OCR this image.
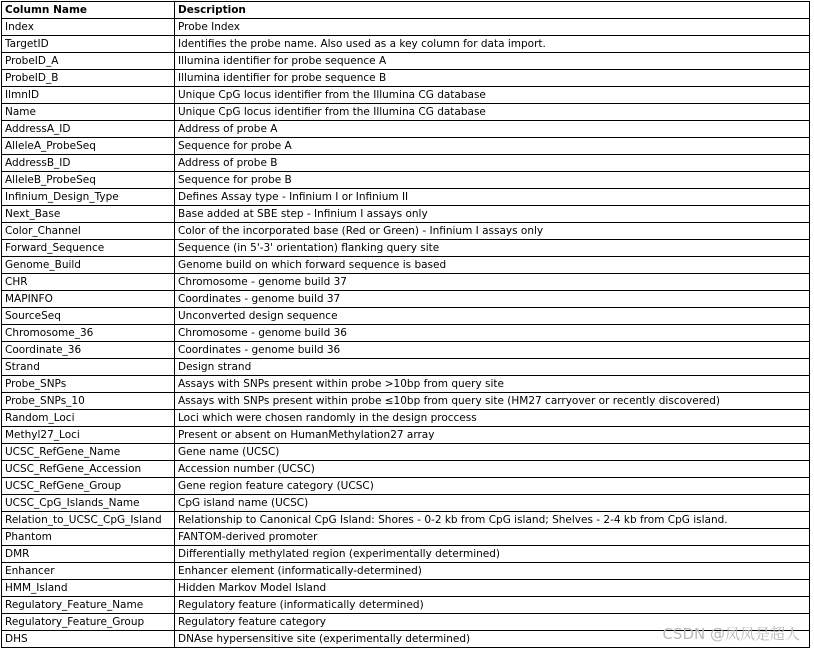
Column Name	Description
Index	Probe Index
TargetID	Identifies the probe name. Also used as a key column for data import.
ProbeID_A	Illumina identifier for probe sequence A
ProbeID_B	Illumina identifier for probe sequence B
IlmnID	Unique CpG locus identifier from the Illumina CG database
Name	Unique CpG locus identifier from the Illumina CG database
AddressA_ID	Address of probe A
AlleleA_ProbeSeq	Sequence for probe A
AddressB_ID	Address of probe B
AlleleB_ProbeSeq	Sequence for probe B
Infinium_Design_Type	Defines Assay type - Infinium I or Infinium II
Next_Base	Base added at SBE step - Infinium I assays only
Color_Channel	Color of the incorporated base (Red or Green) - Infinium I assays only
Forward_Sequence	Sequence (in 5'-3' orientation) flanking query site
Genome_Build	Genome build on which forward sequence is based
CHR	Chromosome - genome build 37
MAPINFO	Coordinates - genome build 37
SourceSeq	Unconverted design sequence
Chromosome_36	Chromosome - genome build 36
Coordinate_36	Coordinates - genome build 36
Strand	Design strand
Probe_SNPs	Assays with SNPs present within probe >10bp from query site
Probe_SNPs_10	Assays with SNPs present within probe ≤10bp from query site (HM27 carryover or recently discovered)
Random_Loci	Loci which were chosen randomly in the design proccess
Methyl27_Loci	Present or absent on HumanMethylation27 array
UCSC_RefGene_Name	Gene name (UCSC)
UCSC_RefGene_Accession	Accession number (UCSC)
UCSC_RefGene_Group	Gene region feature category (UCSC)
UCSC_CpG_Islands_Name	CpG island name (UCSC)
Relation_to_UCSC_CpG_Island	Relationship to Canonical CpG Island: Shores - 0-2 kb from CpG island; Shelves - 2-4 kb from CpG island.
Phantom	FANTOM-derived promoter
DMR	Differentially methylated region (experimentally determined)
Enhancer	Enhancer element (informatically-determined)
HMM_Island	Hidden Markov Model Island
Regulatory_Feature_Name	Regulatory feature (informatically determined)
Regulatory_Feature_Group	Regulatory feature category
DHS	DNAse hypersensitive site (experimentally determined)	CSDN @凤凤是超人
